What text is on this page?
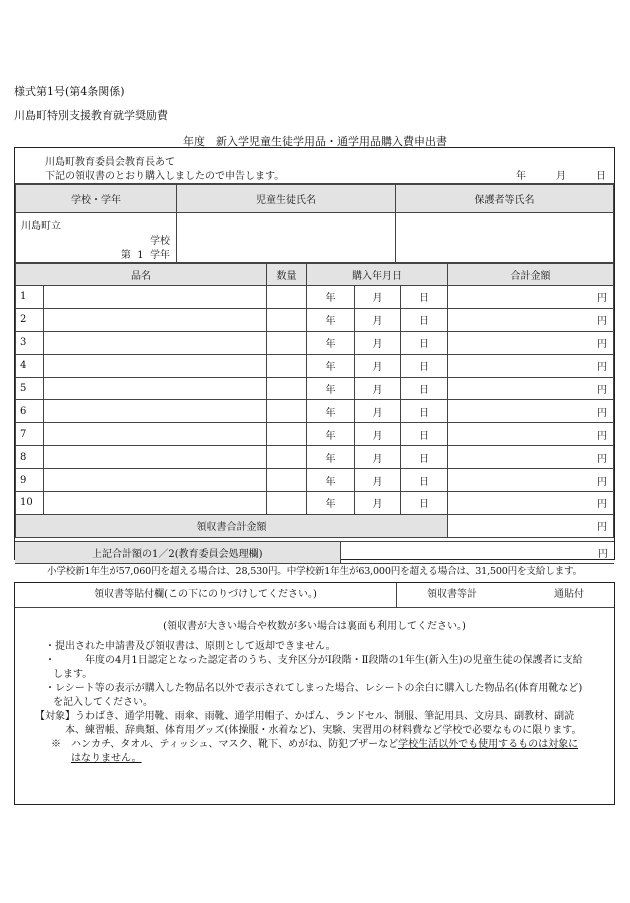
様式第1号(第4条関係)
川島町特別支援教育就学奨励費
年度　新入学児童生徒学用品・通学用品購入費申出書
川島町教育委員会教育長あて
下記の領収書のとおり購入しましたので申告します。	年	月	日
学校・学年	児童生徒氏名	保護者等氏名

川島町立
学校
第 1 学年		

品名		数量	購入年月日			合計金額
1			年	月	日	円
2			年	月	日	円
3			年	月	日	円
4			年	月	日	円
5			年	月	日	円
6			年	月	日	円
7			年	月	日	円
8			年	月	日	円
9			年	月	日	円
10			年	月	日	円
領収書合計金額						円
上記合計額の1／2(教育委員会処理欄)	円
小学校新1年生が57,060円を超える場合は、28,530円。中学校新1年生が63,000円を超える場合は、31,500円を支給します。
領収書等貼付欄(この下にのりづけしてください。)	領収書等計	通貼付
(領収書が大きい場合や枚数が多い場合は裏面も利用してください。)
・提出された申請書及び領収書は、原則として返却できません。
・　　　年度の4月1日認定となった認定者のうち、支弁区分がⅠ段階・Ⅱ段階の1年生(新入生)の児童生徒の保護者に支給します。
・レシート等の表示が購入した物品名以外で表示されてしまった場合、レシートの余白に購入した物品名(体育用靴など)を記入してください。
【対象】うわばき、通学用靴、雨傘、雨靴、通学用帽子、かばん、ランドセル、制服、筆記用具、文房具、副教材、副読本、練習帳、辞典類、体育用グッズ(体操服・水着など)、実験、実習用の材料費など学校で必要なものに限ります。
※　ハンカチ、タオル、ティッシュ、マスク、靴下、めがね、防犯ブザーなど学校生活以外でも使用するものは対象にはなりません。
